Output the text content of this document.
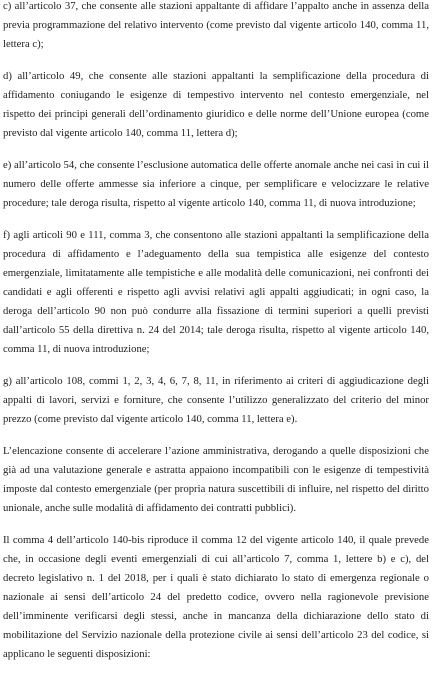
c) all’articolo 37, che consente alle stazioni appaltante di affidare l’appalto anche in assenza della previa programmazione del relativo intervento (come previsto dal vigente articolo 140, comma 11, lettera c);

d) all’articolo 49, che consente alle stazioni appaltanti la semplificazione della procedura di affidamento coniugando le esigenze di tempestivo intervento nel contesto emergenziale, nel rispetto dei principi generali dell’ordinamento giuridico e delle norme dell’Unione europea (come previsto dal vigente articolo 140, comma 11, lettera d);

e) all’articolo 54, che consente l’esclusione automatica delle offerte anomale anche nei casi in cui il numero delle offerte ammesse sia inferiore a cinque, per semplificare e velocizzare le relative procedure; tale deroga risulta, rispetto al vigente articolo 140, comma 11, di nuova introduzione;

f) agli articoli 90 e 111, comma 3, che consentono alle stazioni appaltanti la semplificazione della procedura di affidamento e l’adeguamento della sua tempistica alle esigenze del contesto emergenziale, limitatamente alle tempistiche e alle modalità delle comunicazioni, nei confronti dei candidati e agli offerenti e rispetto agli avvisi relativi agli appalti aggiudicati; in ogni caso, la deroga dell’articolo 90 non può condurre alla fissazione di termini superiori a quelli previsti dall’articolo 55 della direttiva n. 24 del 2014; tale deroga risulta, rispetto al vigente articolo 140, comma 11, di nuova introduzione;

g) all’articolo 108, commi 1, 2, 3, 4, 6, 7, 8, 11, in riferimento ai criteri di aggiudicazione degli appalti di lavori, servizi e forniture, che consente l’utilizzo generalizzato del criterio del minor prezzo (come previsto dal vigente articolo 140, comma 11, lettera e).

L’elencazione consente di accelerare l’azione amministrativa, derogando a quelle disposizioni che già ad una valutazione generale e astratta appaiono incompatibili con le esigenze di tempestività imposte dal contesto emergenziale (per propria natura suscettibili di influire, nel rispetto del diritto unionale, anche sulle modalità di affidamento dei contratti pubblici).

Il comma 4 dell’articolo 140-bis riproduce il comma 12 del vigente articolo 140, il quale prevede che, in occasione degli eventi emergenziali di cui all’articolo 7, comma 1, lettere b) e c), del decreto legislativo n. 1 del 2018, per i quali è stato dichiarato lo stato di emergenza regionale o nazionale ai sensi dell’articolo 24 del predetto codice, ovvero nella ragionevole previsione dell’imminente verificarsi degli stessi, anche in mancanza della dichiarazione dello stato di mobilitazione del Servizio nazionale della protezione civile ai sensi dell’articolo 23 del codice, si applicano le seguenti disposizioni:
